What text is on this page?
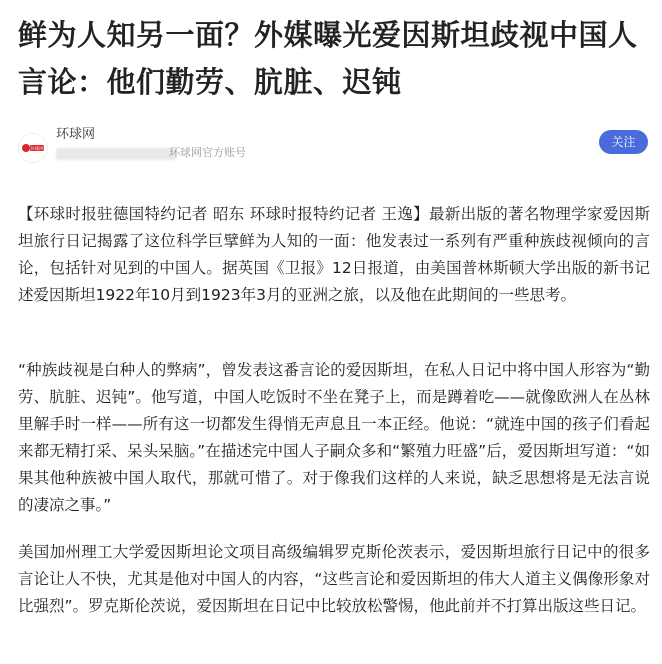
鲜为人知另一面？外媒曝光爱因斯坦歧视中国人言论：他们勤劳、肮脏、迟钝
环球网
环球网
环球网官方账号
关注

【环球时报驻德国特约记者 昭东 环球时报特约记者 王逸】最新出版的著名物理学家爱因斯坦旅行日记揭露了这位科学巨擘鲜为人知的一面：他发表过一系列有严重种族歧视倾向的言论，包括针对见到的中国人。据英国《卫报》12日报道，由美国普林斯顿大学出版的新书记述爱因斯坦1922年10月到1923年3月的亚洲之旅，以及他在此期间的一些思考。

“种族歧视是白种人的弊病”，曾发表这番言论的爱因斯坦，在私人日记中将中国人形容为“勤劳、肮脏、迟钝”。他写道，中国人吃饭时不坐在凳子上，而是蹲着吃——就像欧洲人在丛林里解手时一样——所有这一切都发生得悄无声息且一本正经。他说：“就连中国的孩子们看起来都无精打采、呆头呆脑。”在描述完中国人子嗣众多和“繁殖力旺盛”后，爱因斯坦写道：“如果其他种族被中国人取代，那就可惜了。对于像我们这样的人来说，缺乏思想将是无法言说的凄凉之事。”

美国加州理工大学爱因斯坦论文项目高级编辑罗克斯伦茨表示，爱因斯坦旅行日记中的很多言论让人不快，尤其是他对中国人的内容，“这些言论和爱因斯坦的伟大人道主义偶像形象对比强烈”。罗克斯伦茨说，爱因斯坦在日记中比较放松警惕，他此前并不打算出版这些日记。
